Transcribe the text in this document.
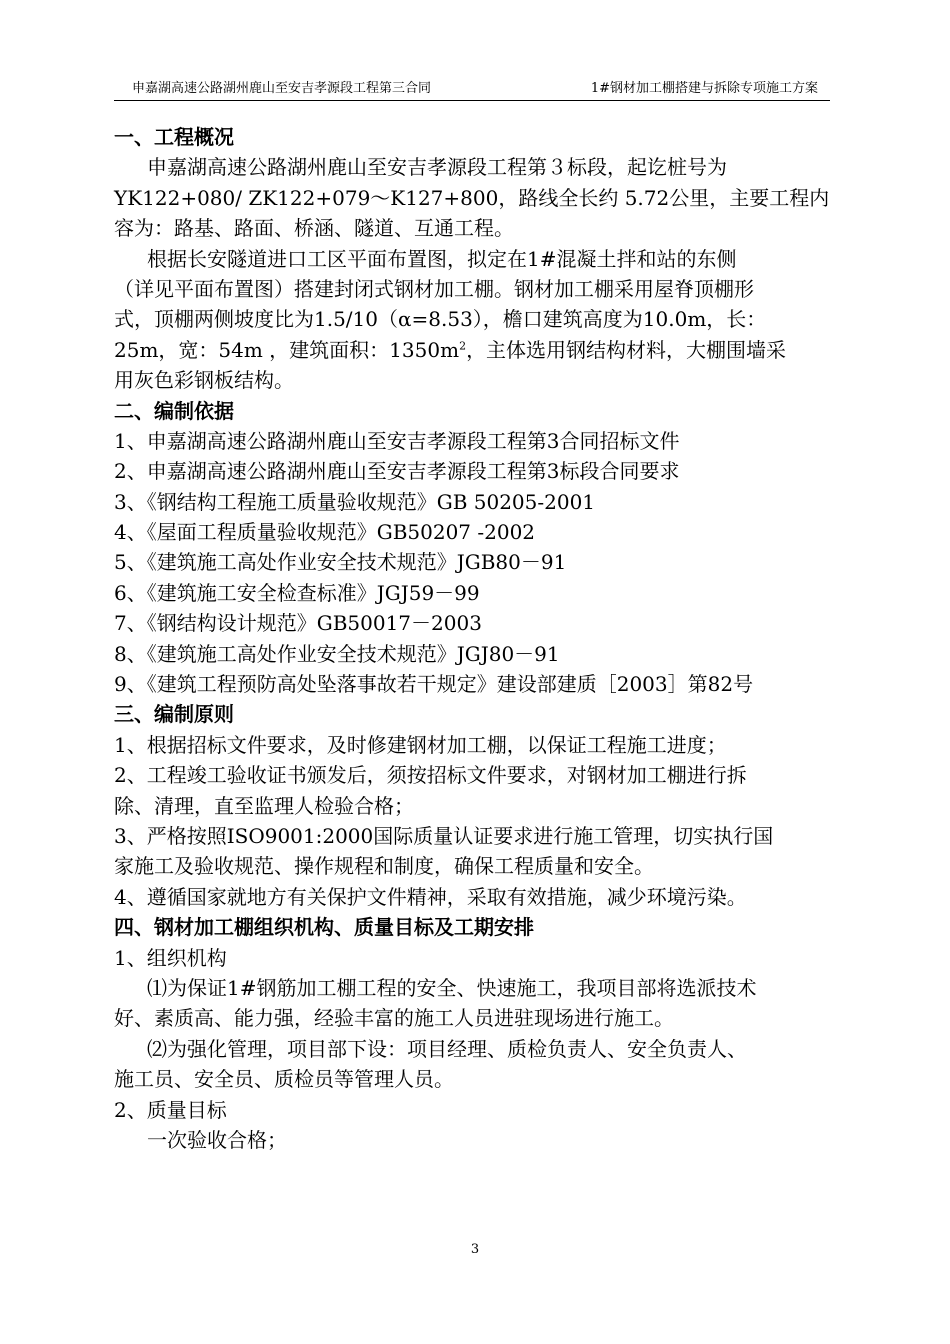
申嘉湖高速公路湖州鹿山至安吉孝源段工程第三合同	1#钢材加工棚搭建与拆除专项施工方案
一、工程概况
申嘉湖高速公路湖州鹿山至安吉孝源段工程第３标段，起讫桩号为
YK122+080/ ZK122+079～K127+800，路线全长约 5.72公里，主要工程内
容为：路基、路面、桥涵、隧道、互通工程。
根据长安隧道进口工区平面布置图，拟定在1#混凝土拌和站的东侧
（详见平面布置图）搭建封闭式钢材加工棚。钢材加工棚采用屋脊顶棚形
式，顶棚两侧坡度比为1.5/10（α=8.53），檐口建筑高度为10.0m，长：
25m，宽：54m ，建筑面积：$1350m^2$，主体选用钢结构材料，大棚围墙采
用灰色彩钢板结构。
二、编制依据
1、申嘉湖高速公路湖州鹿山至安吉孝源段工程第3合同招标文件
2、申嘉湖高速公路湖州鹿山至安吉孝源段工程第3标段合同要求
3、《钢结构工程施工质量验收规范》GB 50205-2001
4、《屋面工程质量验收规范》GB50207 -2002
5、《建筑施工高处作业安全技术规范》JGB80－91
6、《建筑施工安全检查标准》JGJ59－99
7、《钢结构设计规范》GB50017－2003
8、《建筑施工高处作业安全技术规范》JGJ80－91
9、《建筑工程预防高处坠落事故若干规定》建设部建质［2003］第82号
三、编制原则
1、根据招标文件要求，及时修建钢材加工棚，以保证工程施工进度；
2、工程竣工验收证书颁发后，须按招标文件要求，对钢材加工棚进行拆
除、清理，直至监理人检验合格；
3、严格按照ISO9001:2000国际质量认证要求进行施工管理，切实执行国
家施工及验收规范、操作规程和制度，确保工程质量和安全。
4、遵循国家就地方有关保护文件精神，采取有效措施，减少环境污染。
四、钢材加工棚组织机构、质量目标及工期安排
1、组织机构
⑴为保证1#钢筋加工棚工程的安全、快速施工，我项目部将选派技术
好、素质高、能力强，经验丰富的施工人员进驻现场进行施工。
⑵为强化管理，项目部下设：项目经理、质检负责人、安全负责人、
施工员、安全员、质检员等管理人员。
2、质量目标
一次验收合格；
3
